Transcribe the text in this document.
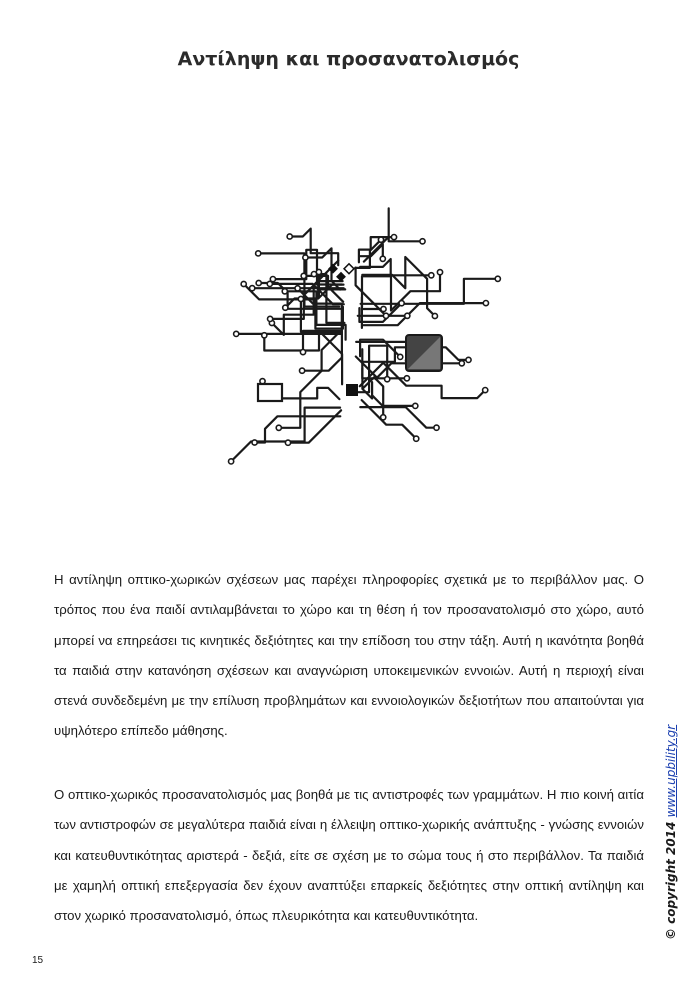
Αντίληψη και προσανατολισμός

Η αντίληψη οπτικο-χωρικών σχέσεων μας παρέχει πληροφορίες σχετικά με το περιβάλλον μας. Ο τρόπος που ένα παιδί αντιλαμβάνεται το χώρο και τη θέση ή τον προσανατολισμό στο χώρο, αυτό μπορεί να επηρεάσει τις κινητικές δεξιότητες και την επίδοση του στην τάξη. Αυτή η ικανότητα βοηθά τα παιδιά στην κατανόηση σχέσεων και αναγνώριση υποκειμενικών εννοιών. Αυτή η περιοχή είναι στενά συνδεδεμένη με την επίλυση προβλημάτων και εννοιολογικών δεξιοτήτων που απαιτούνται για υψηλότερο επίπεδο μάθησης.

Ο οπτικο-χωρικός προσανατολισμός μας βοηθά με τις αντιστροφές των γραμμάτων. Η πιο κοινή αιτία των αντιστροφών σε μεγαλύτερα παιδιά είναι η έλλειψη οπτικο-χωρικής ανάπτυξης - γνώσης εννοιών και κατευθυντικότητας αριστερά - δεξιά, είτε σε σχέση με το σώμα τους ή στο περιβάλλον. Τα παιδιά με χαμηλή οπτική επεξεργασία δεν έχουν αναπτύξει επαρκείς δεξιότητες στην οπτική αντίληψη και στον χωρικό προσανατολισμό, όπως πλευρικότητα και κατευθυντικότητα.

15
© copyright 2014 www.upbility.gr
